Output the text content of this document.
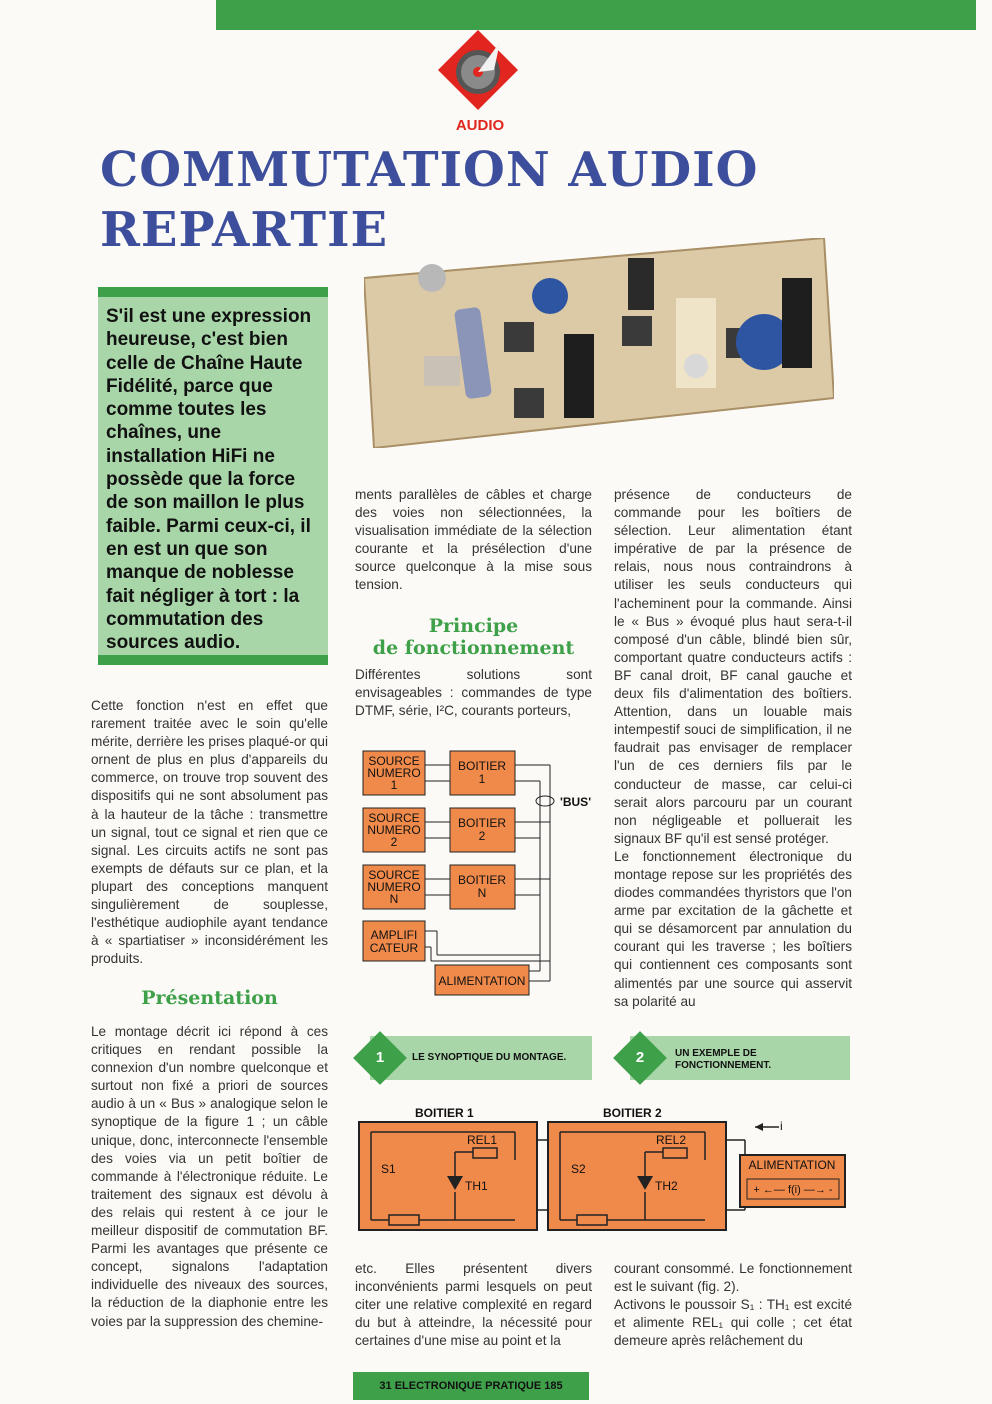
AUDIO
COMMUTATION AUDIO
REPARTIE

S'il est une expression heureuse, c'est bien celle de Chaîne Haute Fidélité, parce que comme toutes les chaînes, une installation HiFi ne possède que la force de son maillon le plus faible. Parmi ceux-ci, il en est un que son manque de noblesse fait négliger à tort : la commutation des sources audio.

Cette fonction n'est en effet que rarement traitée avec le soin qu'elle mérite, derrière les prises plaqué-or qui ornent de plus en plus d'appareils du commerce, on trouve trop souvent des dispositifs qui ne sont absolument pas à la hauteur de la tâche : transmettre un signal, tout ce signal et rien que ce signal. Les circuits actifs ne sont pas exempts de défauts sur ce plan, et la plupart des conceptions manquent singulièrement de souplesse, l'esthétique audiophile ayant tendance à « spartiatiser » inconsidérément les produits.

Présentation

Le montage décrit ici répond à ces critiques en rendant possible la connexion d'un nombre quelconque et surtout non fixé a priori de sources audio à un « Bus » analogique selon le synoptique de la figure 1 ; un câble unique, donc, interconnecte l'ensemble des voies via un petit boîtier de commande à l'électronique réduite. Le traitement des signaux est dévolu à des relais qui restent à ce jour le meilleur dispositif de commutation BF. Parmi les avantages que présente ce concept, signalons l'adaptation individuelle des niveaux des sources, la réduction de la diaphonie entre les voies par la suppression des chemine-

ments parallèles de câbles et charge des voies non sélectionnées, la visualisation immédiate de la sélection courante et la présélection d'une source quelconque à la mise sous tension.

Principe
de fonctionnement

Différentes solutions sont envisageables : commandes de type DTMF, série, I²C, courants porteurs,

SOURCE
NUMERO
1
SOURCE
NUMERO
2
SOURCE
NUMERO
N
AMPLIFI
CATEUR
BOITIER
1
BOITIER
2
BOITIER
N
ALIMENTATION
'BUS'
LE SYNOPTIQUE DU MONTAGE.
1	UN EXEMPLE DE FONCTIONNEMENT.
2
BOITIER 1	BOITIER 2
REL1	REL2
TH1	TH2
S1	S2
i
ALIMENTATION
+ ←— f(i) —→ -

etc. Elles présentent divers inconvénients parmi lesquels on peut citer une relative complexité en regard du but à atteindre, la nécessité pour certaines d'une mise au point et la

présence de conducteurs de commande pour les boîtiers de sélection. Leur alimentation étant impérative de par la présence de relais, nous nous contraindrons à utiliser les seuls conducteurs qui l'acheminent pour la commande. Ainsi le « Bus » évoqué plus haut sera-t-il composé d'un câble, blindé bien sûr, comportant quatre conducteurs actifs : BF canal droit, BF canal gauche et deux fils d'alimentation des boîtiers. Attention, dans un louable mais intempestif souci de simplification, il ne faudrait pas envisager de remplacer l'un de ces derniers fils par le conducteur de masse, car celui-ci serait alors parcouru par un courant non négligeable et polluerait les signaux BF qu'il est sensé protéger.

Le fonctionnement électronique du montage repose sur les propriétés des diodes commandées thyristors que l'on arme par excitation de la gâchette et qui se désamorcent par annulation du courant qui les traverse ; les boîtiers qui contiennent ces composants sont alimentés par une source qui asservit sa polarité au

courant consommé. Le fonctionnement est le suivant (fig. 2).

Activons le poussoir S₁ : TH₁ est excité et alimente REL₁ qui colle ; cet état demeure après relâchement du

31 ELECTRONIQUE PRATIQUE 185
